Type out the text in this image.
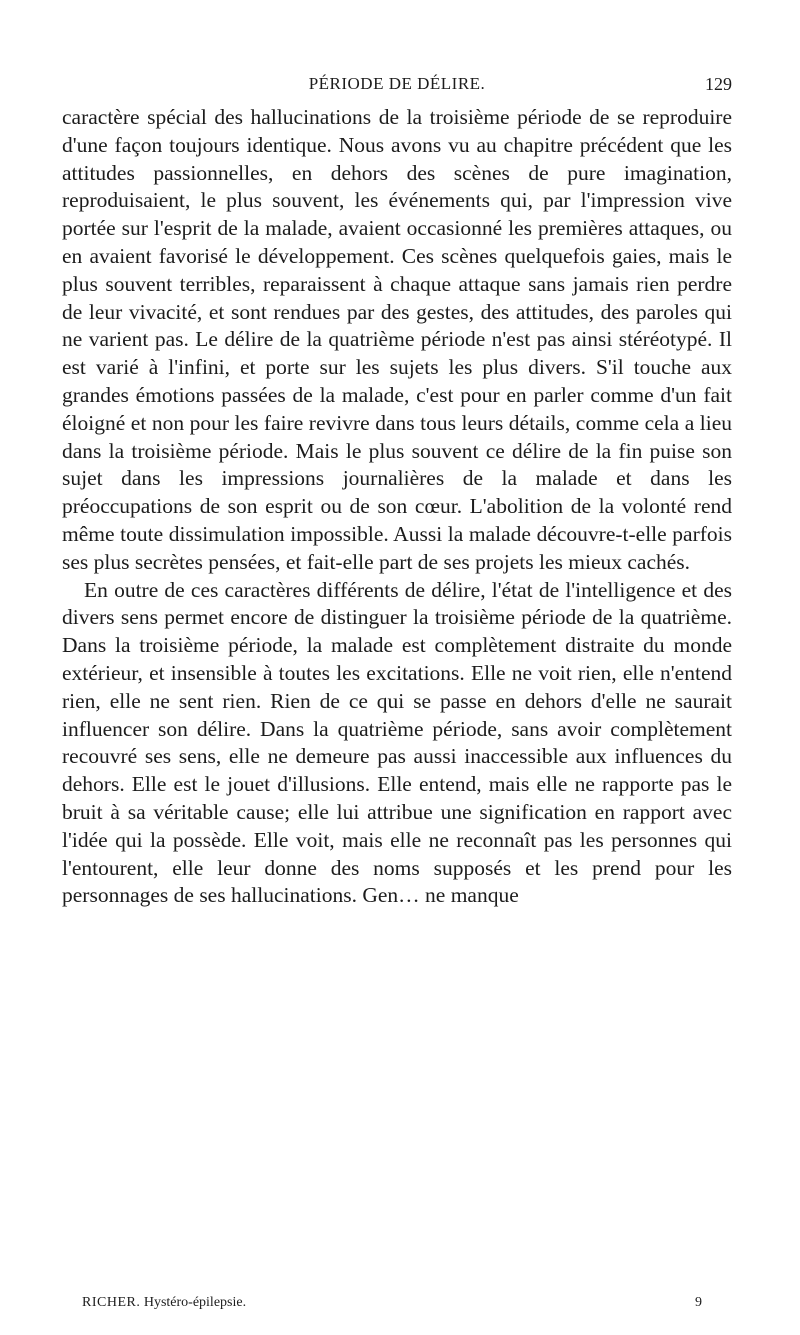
PÉRIODE DE DÉLIRE.	129

caractère spécial des hallucinations de la troisième période de se reproduire d'une façon toujours identique. Nous avons vu au chapitre précédent que les attitudes passionnelles, en dehors des scènes de pure imagination, reproduisaient, le plus souvent, les événements qui, par l'impression vive portée sur l'esprit de la malade, avaient occasionné les premières attaques, ou en avaient favorisé le développement. Ces scènes quelquefois gaies, mais le plus souvent terribles, reparaissent à chaque attaque sans jamais rien perdre de leur vivacité, et sont rendues par des gestes, des attitudes, des paroles qui ne varient pas. Le délire de la quatrième période n'est pas ainsi stéréotypé. Il est varié à l'infini, et porte sur les sujets les plus divers. S'il touche aux grandes émotions passées de la malade, c'est pour en parler comme d'un fait éloigné et non pour les faire revivre dans tous leurs détails, comme cela a lieu dans la troisième période. Mais le plus souvent ce délire de la fin puise son sujet dans les impressions journalières de la malade et dans les préoccupations de son esprit ou de son cœur. L'abolition de la volonté rend même toute dissimulation impossible. Aussi la malade découvre-t-elle parfois ses plus secrètes pensées, et fait-elle part de ses projets les mieux cachés.

En outre de ces caractères différents de délire, l'état de l'intelligence et des divers sens permet encore de distinguer la troisième période de la quatrième. Dans la troisième période, la malade est complètement distraite du monde extérieur, et insensible à toutes les excitations. Elle ne voit rien, elle n'entend rien, elle ne sent rien. Rien de ce qui se passe en dehors d'elle ne saurait influencer son délire. Dans la quatrième période, sans avoir complètement recouvré ses sens, elle ne demeure pas aussi inaccessible aux influences du dehors. Elle est le jouet d'illusions. Elle entend, mais elle ne rapporte pas le bruit à sa véritable cause; elle lui attribue une signification en rapport avec l'idée qui la possède. Elle voit, mais elle ne reconnaît pas les personnes qui l'entourent, elle leur donne des noms supposés et les prend pour les personnages de ses hallucinations. Gen… ne manque

RICHER. Hystéro-épilepsie.	9
